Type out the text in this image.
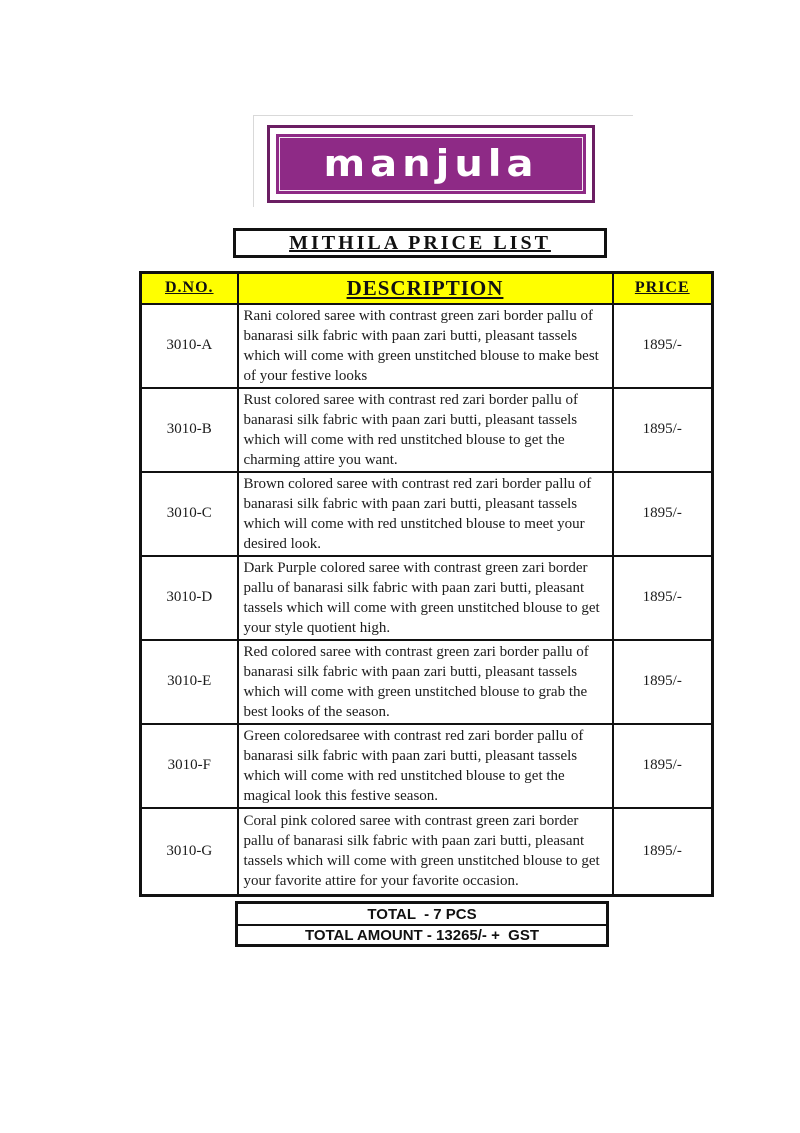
manjula
MITHILA PRICE LIST
D.NO.	DESCRIPTION	PRICE
3010-A	Rani colored saree with contrast green zari border pallu of banarasi silk fabric with paan zari butti, pleasant tassels which will come with green unstitched blouse to make best of your festive looks	1895/-
3010-B	Rust colored saree with contrast red zari border pallu of banarasi silk fabric with paan zari butti, pleasant tassels which will come with red unstitched blouse to get the charming attire you want.	1895/-
3010-C	Brown colored saree with contrast red zari border pallu of banarasi silk fabric with paan zari butti, pleasant tassels which will come with red unstitched blouse to meet your desired look.	1895/-
3010-D	Dark Purple colored saree with contrast green zari border pallu of banarasi silk fabric with paan zari butti, pleasant tassels which will come with green unstitched blouse to get your style quotient high.	1895/-
3010-E	Red colored saree with contrast green zari border pallu of banarasi silk fabric with paan zari butti, pleasant tassels which will come with green unstitched blouse to grab the best looks of the season.	1895/-
3010-F	Green coloredsaree with contrast red zari border pallu of banarasi silk fabric with paan zari butti, pleasant tassels which will come with red unstitched blouse to get the magical look this festive season.	1895/-
3010-G	Coral pink colored saree with contrast green zari border pallu of banarasi silk fabric with paan zari butti, pleasant tassels which will come with green unstitched blouse to get your favorite attire for your favorite occasion.	1895/-
TOTAL  - 7 PCS
TOTAL AMOUNT - 13265/- +  GST
